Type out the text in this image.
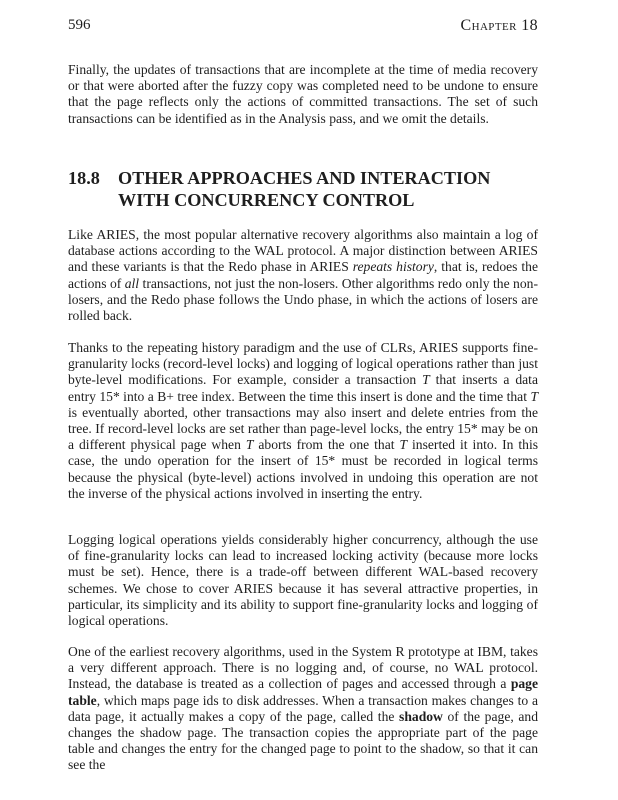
596	Chapter 18

Finally, the updates of transactions that are incomplete at the time of media recovery or that were aborted after the fuzzy copy was completed need to be undone to ensure that the page reflects only the actions of committed transactions. The set of such transactions can be identified as in the Analysis pass, and we omit the details.

18.8 OTHER APPROACHES AND INTERACTION WITH CONCURRENCY CONTROL

Like ARIES, the most popular alternative recovery algorithms also maintain a log of database actions according to the WAL protocol. A major distinction between ARIES and these variants is that the Redo phase in ARIES repeats history, that is, redoes the actions of all transactions, not just the non-losers. Other algorithms redo only the non-losers, and the Redo phase follows the Undo phase, in which the actions of losers are rolled back.

Thanks to the repeating history paradigm and the use of CLRs, ARIES supports fine-granularity locks (record-level locks) and logging of logical operations rather than just byte-level modifications. For example, consider a transaction T that inserts a data entry 15* into a B+ tree index. Between the time this insert is done and the time that T is eventually aborted, other transactions may also insert and delete entries from the tree. If record-level locks are set rather than page-level locks, the entry 15* may be on a different physical page when T aborts from the one that T inserted it into. In this case, the undo operation for the insert of 15* must be recorded in logical terms because the physical (byte-level) actions involved in undoing this operation are not the inverse of the physical actions involved in inserting the entry.

Logging logical operations yields considerably higher concurrency, although the use of fine-granularity locks can lead to increased locking activity (because more locks must be set). Hence, there is a trade-off between different WAL-based recovery schemes. We chose to cover ARIES because it has several attractive properties, in particular, its simplicity and its ability to support fine-granularity locks and logging of logical operations.

One of the earliest recovery algorithms, used in the System R prototype at IBM, takes a very different approach. There is no logging and, of course, no WAL protocol. Instead, the database is treated as a collection of pages and accessed through a page table, which maps page ids to disk addresses. When a transaction makes changes to a data page, it actually makes a copy of the page, called the shadow of the page, and changes the shadow page. The transaction copies the appropriate part of the page table and changes the entry for the changed page to point to the shadow, so that it can see the
